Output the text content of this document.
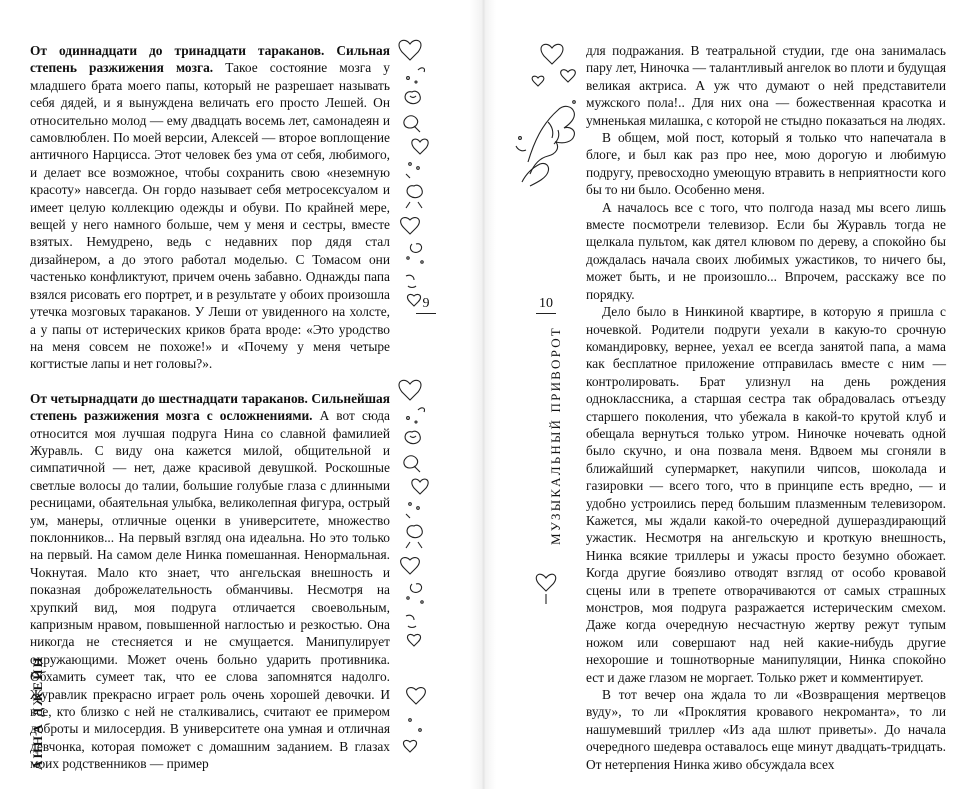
От одиннадцати до тринадцати тараканов. Сильная степень разжижения мозга. Такое состояние мозга у младшего брата моего папы, который не разрешает называть себя дядей, и я вынуждена величать его просто Лешей. Он относительно молод — ему двадцать восемь лет, самонадеян и самовлюблен. По моей версии, Алексей — второе воплощение античного Нарцисса. Этот человек без ума от себя, любимого, и делает все возможное, чтобы сохранить свою «неземную красоту» навсегда. Он гордо называет себя метросексуалом и имеет целую коллекцию одежды и обуви. По крайней мере, вещей у него намного больше, чем у меня и сестры, вместе взятых. Немудрено, ведь с недавних пор дядя стал дизайнером, а до этого работал моделью. С Томасом они частенько конфликтуют, причем очень забавно. Однажды папа взялся рисовать его портрет, и в результате у обоих произошла утечка мозговых тараканов. У Леши от увиденного на холсте, а у папы от истерических криков брата вроде: «Это уродство на меня совсем не похоже!» и «Почему у меня четыре когтистые лапы и нет головы?».

От четырнадцати до шестнадцати тараканов. Сильнейшая степень разжижения мозга с осложнениями. А вот сюда относится моя лучшая подруга Нина со славной фамилией Журавль. С виду она кажется милой, общительной и симпатичной — нет, даже красивой девушкой. Роскошные светлые волосы до талии, большие голубые глаза с длинными ресницами, обаятельная улыбка, великолепная фигура, острый ум, манеры, отличные оценки в университете, множество поклонников... На первый взгляд она идеальна. Но это только на первый. На самом деле Нинка помешанная. Ненормальная. Чокнутая. Мало кто знает, что ангельская внешность и показная доброжелательность обманчивы. Несмотря на хрупкий вид, моя подруга отличается своевольным, капризным нравом, повышенной наглостью и резкостью. Она никогда не стесняется и не смущается. Манипулирует окружающими. Может очень больно ударить противника. Обхамить сумеет так, что ее слова запомнятся надолго. Журавлик прекрасно играет роль очень хорошей девочки. И все, кто близко с ней не сталкивались, считают ее примером доброты и милосердия. В университете она умная и отличная девчонка, которая поможет с домашним заданием. В глазах моих родственников — пример

9	10
МУЗЫКАЛЬНЫЙ ПРИВОРОТ
АННА ДЖЕЙН

для подражания. В театральной студии, где она занималась пару лет, Ниночка — талантливый ангелок во плоти и будущая великая актриса. А уж что думают о ней представители мужского пола!.. Для них она — божественная красотка и умненькая милашка, с которой не стыдно показаться на людях.

В общем, мой пост, который я только что напечатала в блоге, и был как раз про нее, мою дорогую и любимую подругу, превосходно умеющую втравить в неприятности кого бы то ни было. Особенно меня.

А началось все с того, что полгода назад мы всего лишь вместе посмотрели телевизор. Если бы Журавль тогда не щелкала пультом, как дятел клювом по дереву, а спокойно бы дождалась начала своих любимых ужастиков, то ничего бы, может быть, и не произошло... Впрочем, расскажу все по порядку.

Дело было в Нинкиной квартире, в которую я пришла с ночевкой. Родители подруги уехали в какую-то срочную командировку, вернее, уехал ее всегда занятой папа, а мама как бесплатное приложение отправилась вместе с ним — контролировать. Брат улизнул на день рождения одноклассника, а старшая сестра так обрадовалась отъезду старшего поколения, что убежала в какой-то крутой клуб и обещала вернуться только утром. Ниночке ночевать одной было скучно, и она позвала меня. Вдвоем мы сгоняли в ближайший супермаркет, накупили чипсов, шоколада и газировки — всего того, что в принципе есть вредно, — и удобно устроились перед большим плазменным телевизором. Кажется, мы ждали какой-то очередной душераздирающий ужастик. Несмотря на ангельскую и кроткую внешность, Нинка всякие триллеры и ужасы просто безумно обожает. Когда другие боязливо отводят взгляд от особо кровавой сцены или в трепете отворачиваются от самых страшных монстров, моя подруга разражается истерическим смехом. Даже когда очередную несчастную жертву режут тупым ножом или совершают над ней какие-нибудь другие нехорошие и тошнотворные манипуляции, Нинка спокойно ест и даже глазом не моргает. Только ржет и комментирует.

В тот вечер она ждала то ли «Возвращения мертвецов вуду», то ли «Проклятия кровавого некроманта», то ли нашумевший триллер «Из ада шлют приветы». До начала очередного шедевра оставалось еще минут двадцать-тридцать. От нетерпения Нинка живо обсуждала всех
